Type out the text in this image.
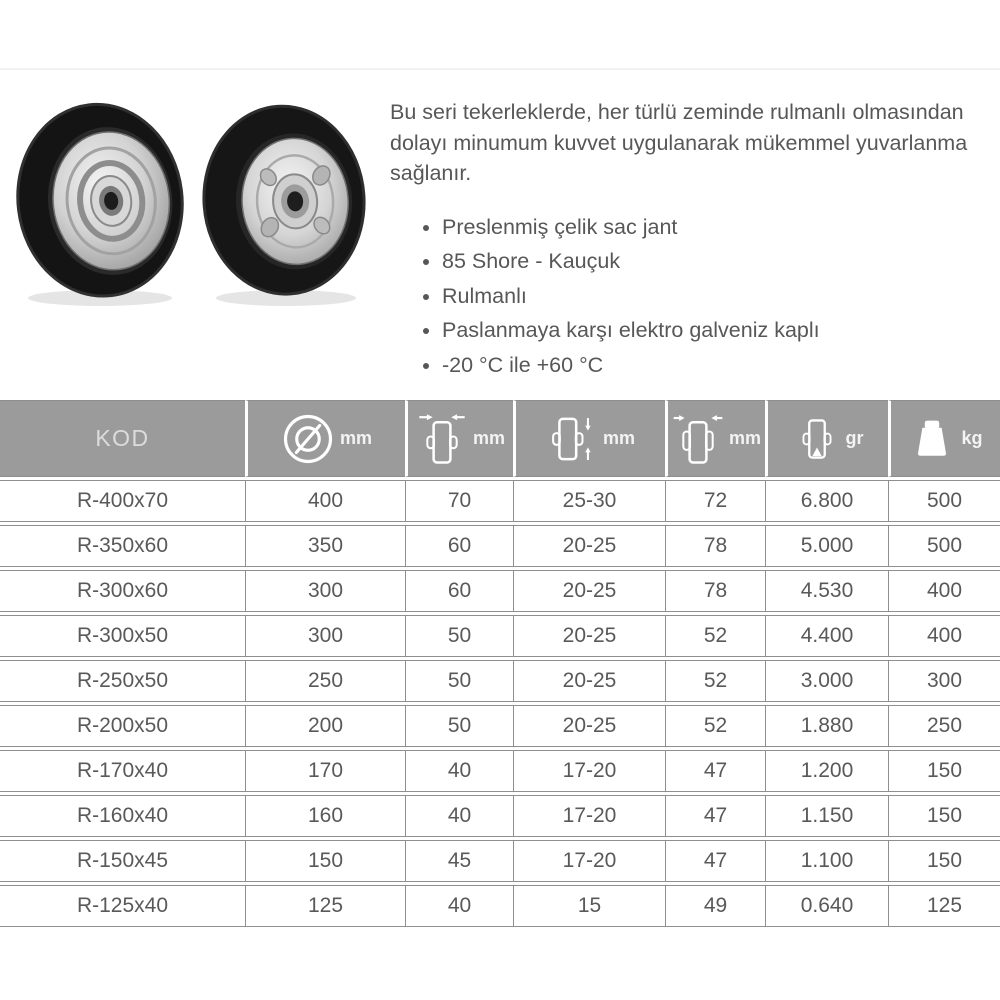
Bu seri tekerleklerde, her türlü zeminde rulmanlı olmasından dolayı minumum kuvvet uygulanarak mükemmel yuvarlanma sağlanır.

• Preslenmiş çelik sac jant
• 85 Shore - Kauçuk
• Rulmanlı
• Paslanmaya karşı elektro galveniz kaplı
• -20 °C ile +60 °C
KOD	mm	mm	mm	mm	gr	kg
R-400x70	400	70	25-30	72	6.800	500
R-350x60	350	60	20-25	78	5.000	500
R-300x60	300	60	20-25	78	4.530	400
R-300x50	300	50	20-25	52	4.400	400
R-250x50	250	50	20-25	52	3.000	300
R-200x50	200	50	20-25	52	1.880	250
R-170x40	170	40	17-20	47	1.200	150
R-160x40	160	40	17-20	47	1.150	150
R-150x45	150	45	17-20	47	1.100	150
R-125x40	125	40	15	49	0.640	125
